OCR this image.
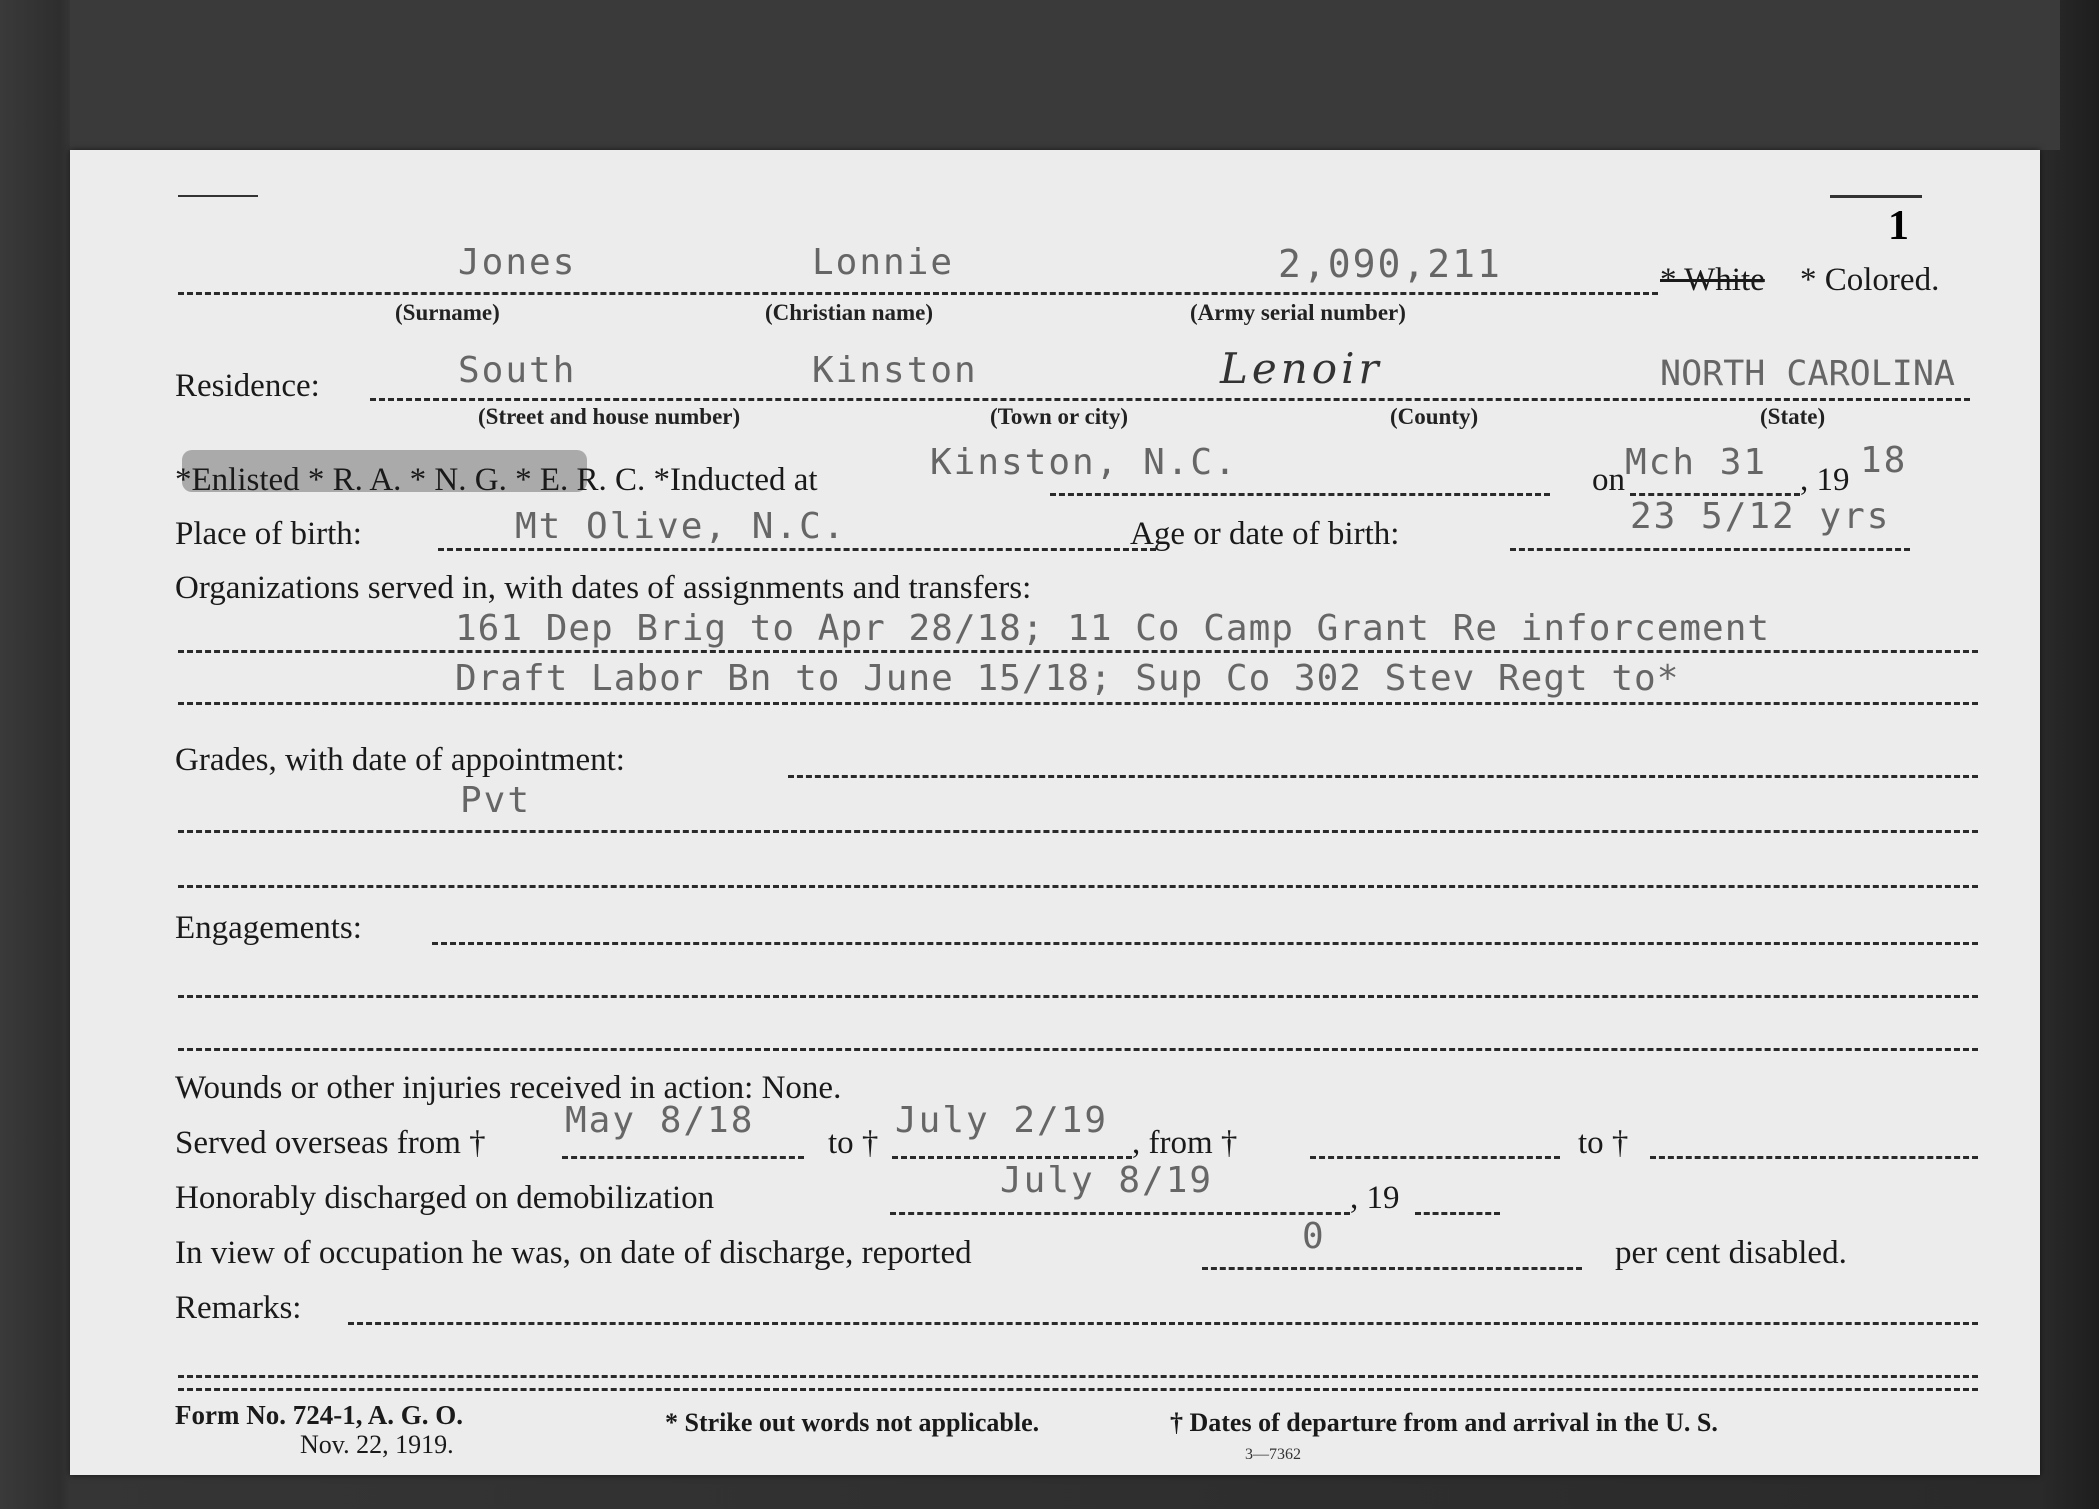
1
Jones	Lonnie	2,090,211	* White * Colored.
(Surname)	(Christian name)	(Army serial number)
Residence:	South	Kinston	Lenoir	NORTH CAROLINA
(Street and house number)	(Town or city)	(County)	(State)
*Enlisted * R. A. * N. G. * E. R. C. *Inducted at	Kinston, N.C.	on Mch 31 , 19 18
Place of birth:	Mt Olive, N.C.	Age or date of birth:	23 5/12 yrs
Organizations served in, with dates of assignments and transfers:
161 Dep Brig to Apr 28/18; 11 Co Camp Grant Re inforcement
Draft Labor Bn to June 15/18; Sup Co 302 Stev Regt to*
Grades, with date of appointment:
Pvt
Engagements:
Wounds or other injuries received in action: None.
Served overseas from †
May 8/18
to †
July 2/19
, from †	to †
Honorably discharged on demobilization	July 8/19	, 19
In view of occupation he was, on date of discharge, reported	0	per cent disabled.
Remarks:
Form No. 724-1, A. G. O.
Nov. 22, 1919.
* Strike out words not applicable.	† Dates of departure from and arrival in the U. S.
3—7362
